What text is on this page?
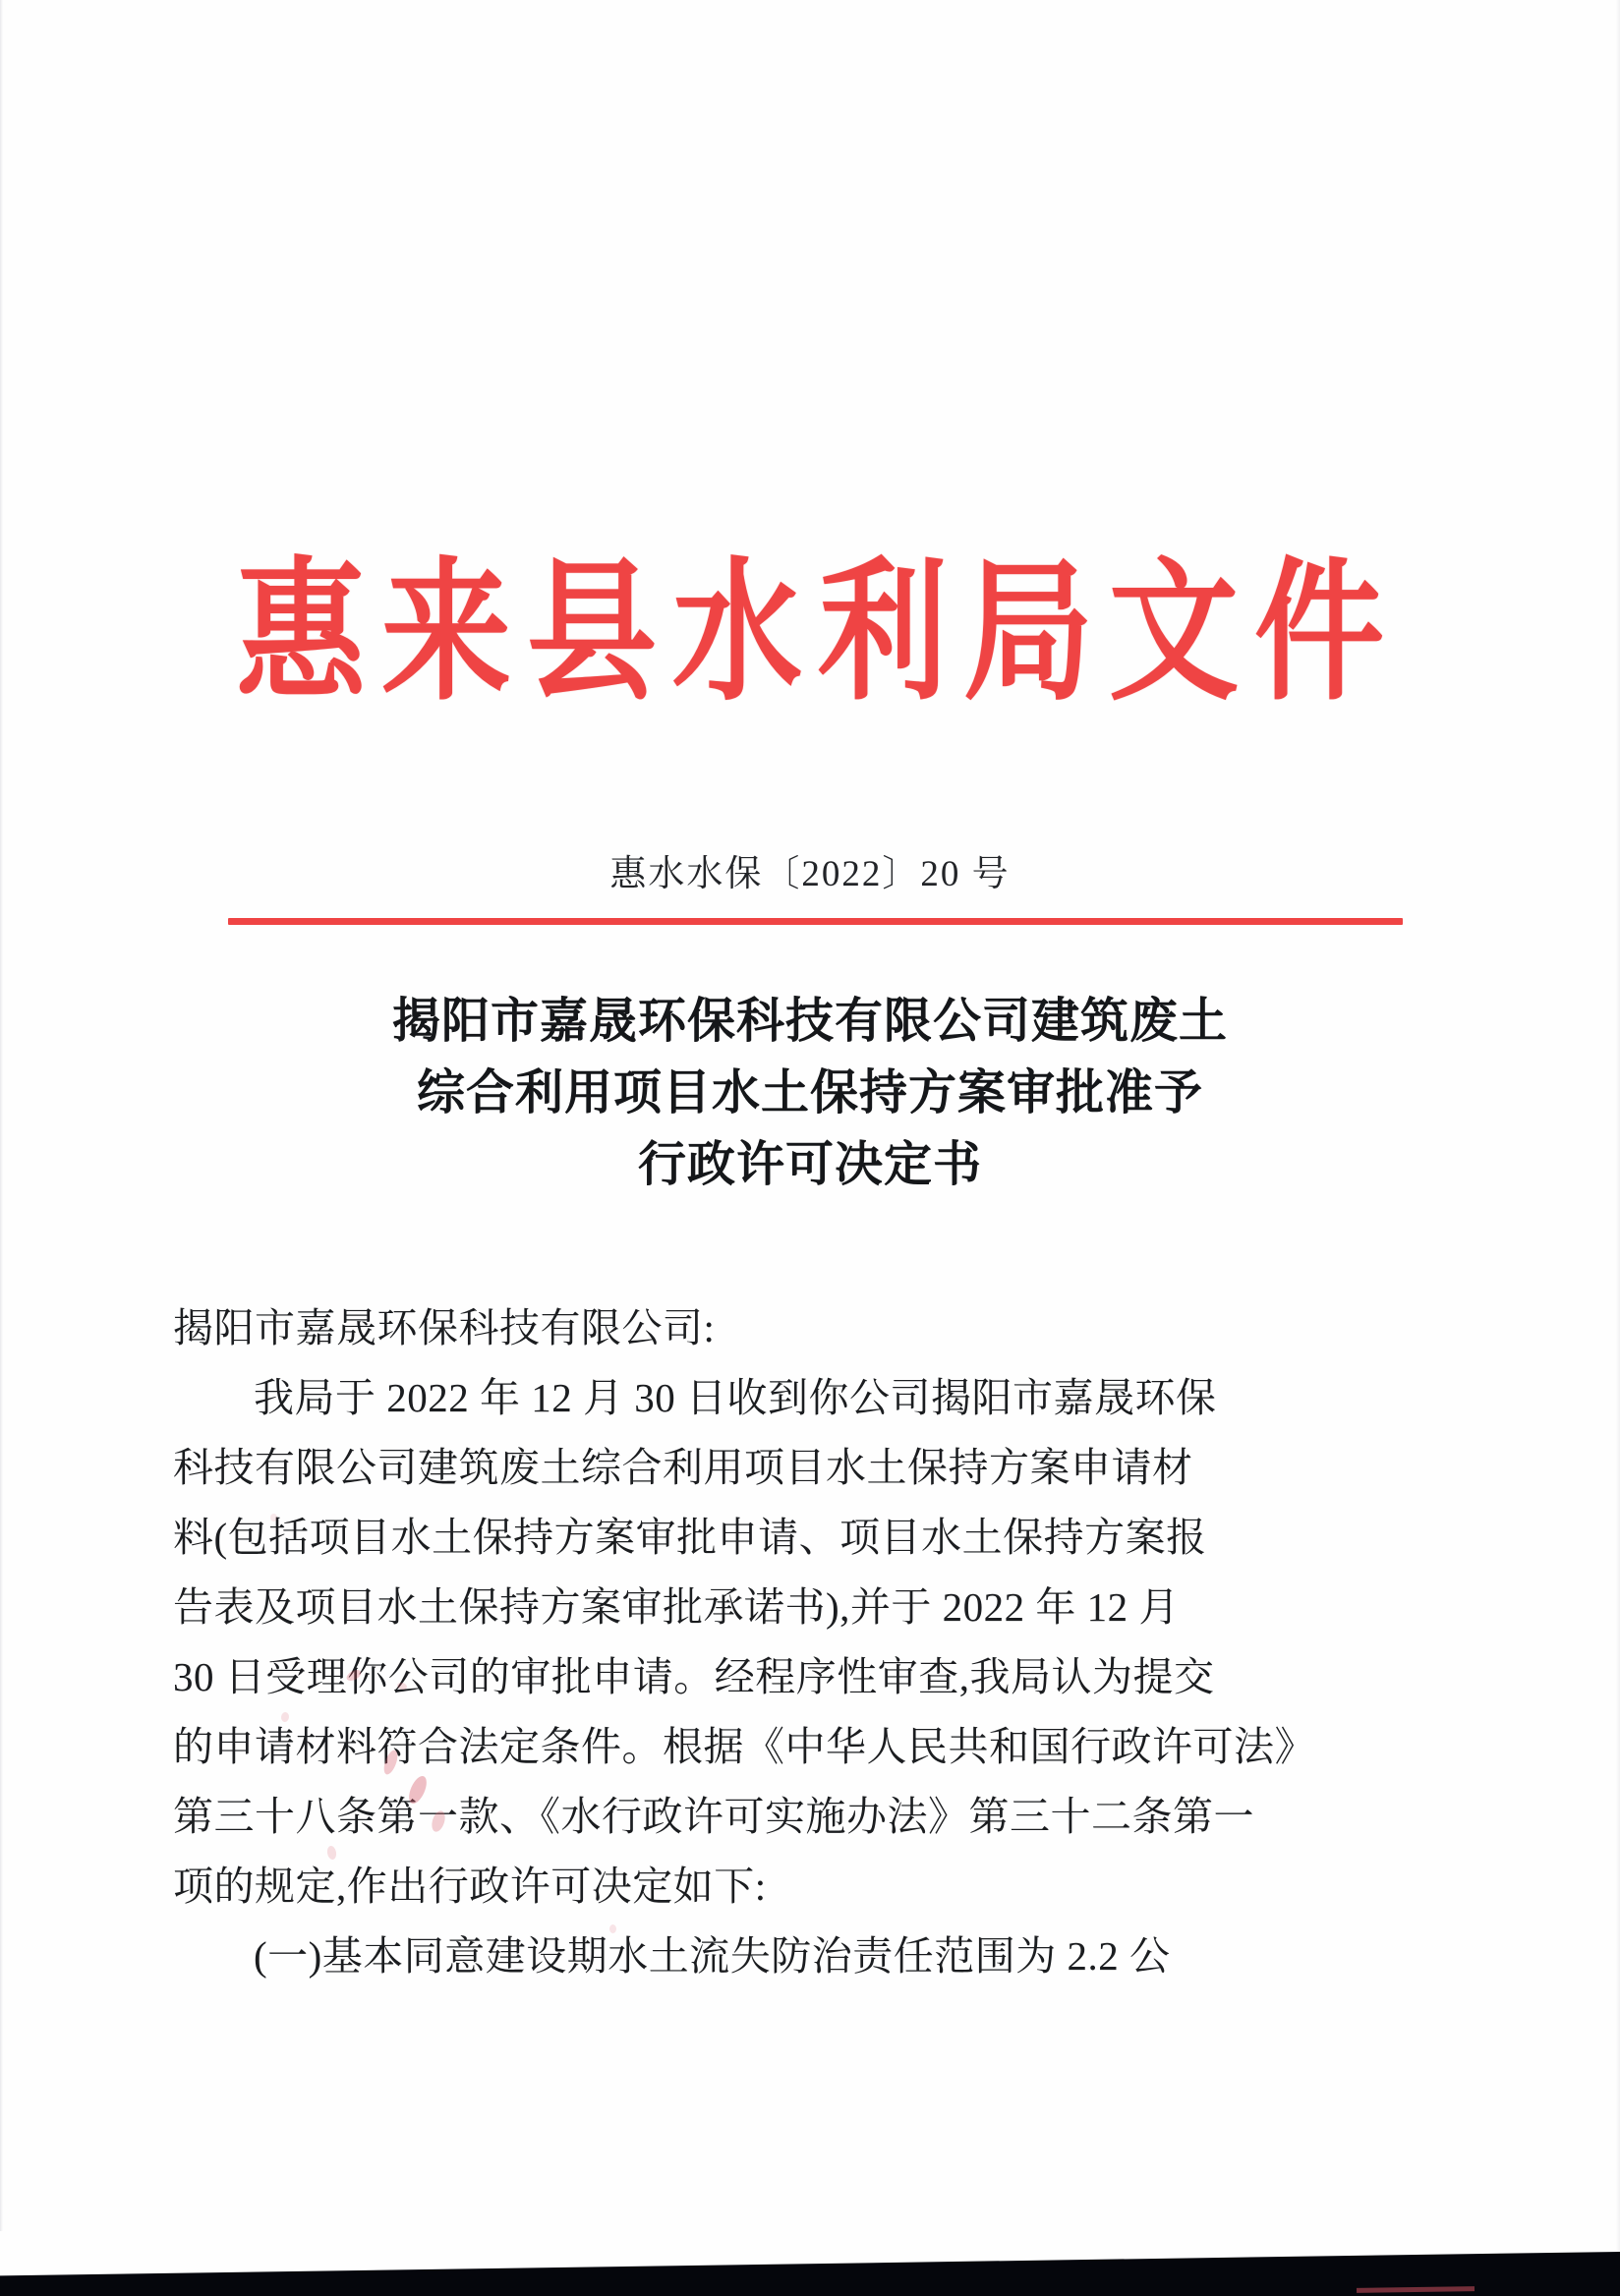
惠来县水利局文件
惠水水保〔2022〕20 号
揭阳市嘉晟环保科技有限公司建筑废土
综合利用项目水土保持方案审批准予
行政许可决定书
揭阳市嘉晟环保科技有限公司:
我局于 2022 年 12 月 30 日收到你公司揭阳市嘉晟环保
科技有限公司建筑废土综合利用项目水土保持方案申请材
料(包括项目水土保持方案审批申请、项目水土保持方案报
告表及项目水土保持方案审批承诺书),并于 2022 年 12 月
30 日受理你公司的审批申请。经程序性审查,我局认为提交
的申请材料符合法定条件。根据《中华人民共和国行政许可法》
第三十八条第一款、《水行政许可实施办法》第三十二条第一
项的规定,作出行政许可决定如下:
(一)基本同意建设期水土流失防治责任范围为 2.2 公
